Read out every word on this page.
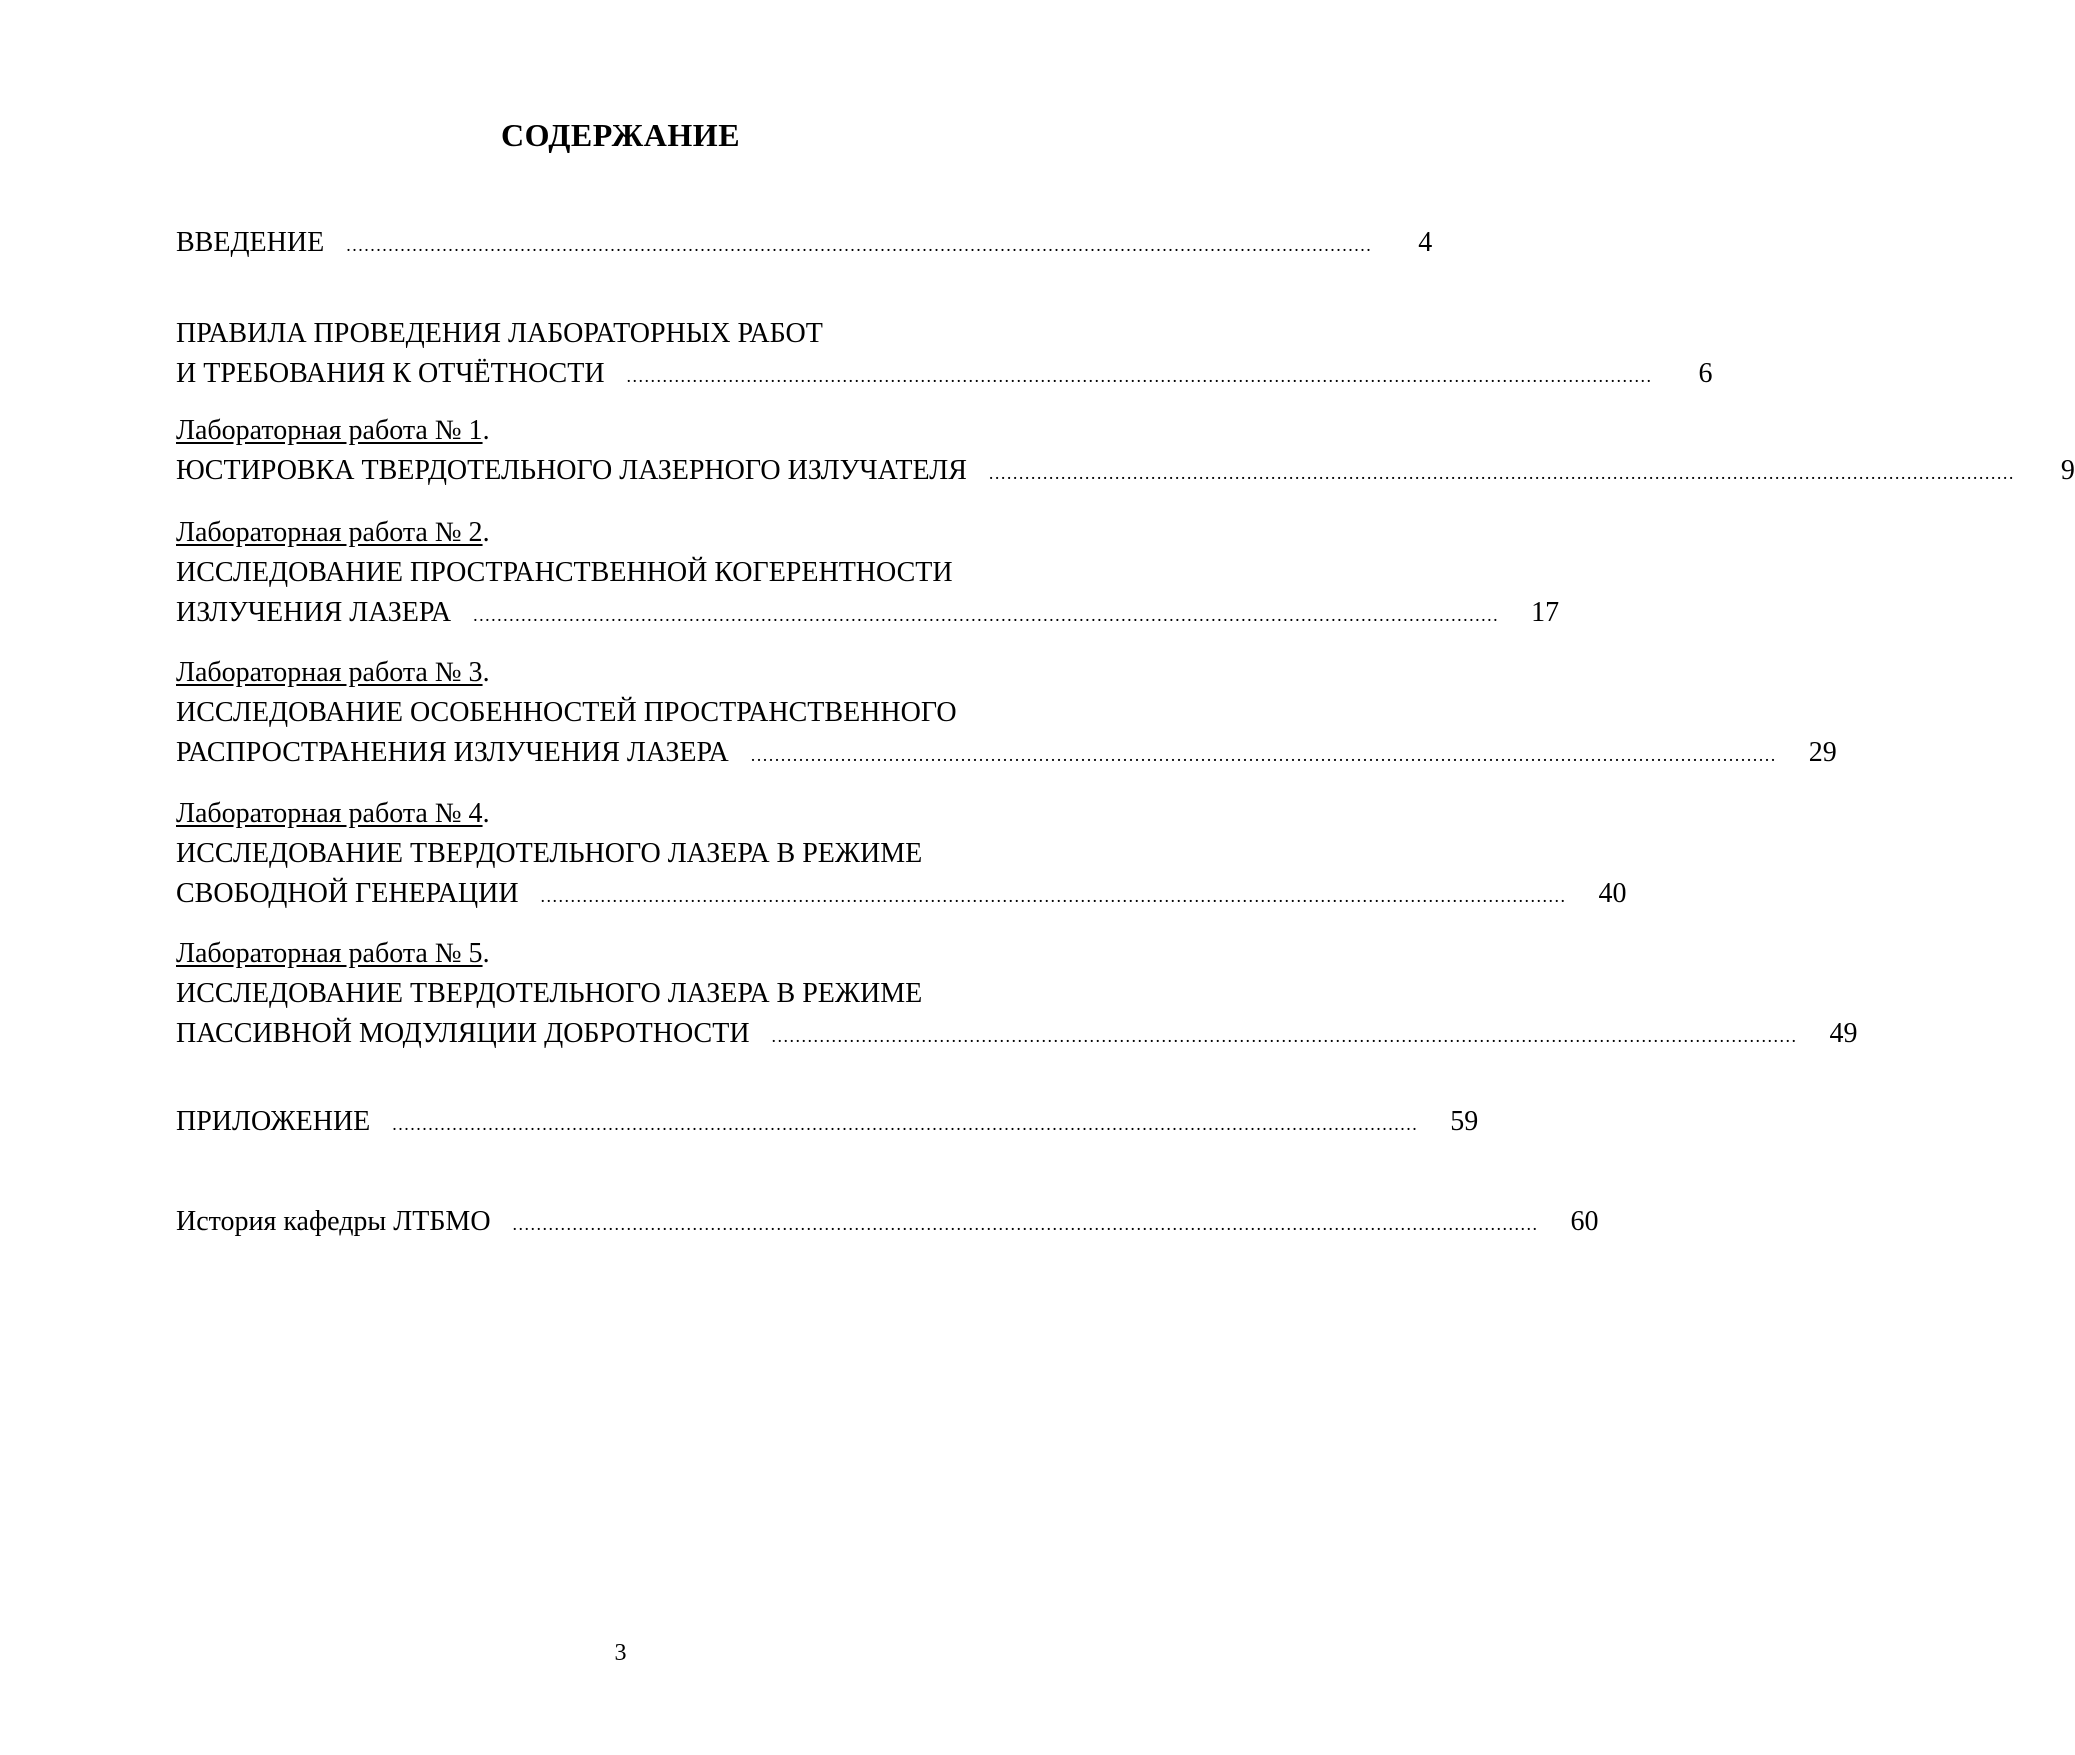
СОДЕРЖАНИЕ
ВВЕДЕНИЕ ...........................................................................................................................................................................	4
ПРАВИЛА ПРОВЕДЕНИЯ ЛАБОРАТОРНЫХ РАБОТ
И ТРЕБОВАНИЯ К ОТЧЁТНОСТИ ...........................................................................................................................................................................	6
Лабораторная работа № 1.
ЮСТИРОВКА ТВЕРДОТЕЛЬНОГО ЛАЗЕРНОГО ИЗЛУЧАТЕЛЯ ...........................................................................................................................................................................	9
Лабораторная работа № 2.
ИССЛЕДОВАНИЕ ПРОСТРАНСТВЕННОЙ КОГЕРЕНТНОСТИ
ИЗЛУЧЕНИЯ ЛАЗЕРА ...........................................................................................................................................................................	17
Лабораторная работа № 3.
ИССЛЕДОВАНИЕ ОСОБЕННОСТЕЙ ПРОСТРАНСТВЕННОГО
РАСПРОСТРАНЕНИЯ ИЗЛУЧЕНИЯ ЛАЗЕРА ...........................................................................................................................................................................	29
Лабораторная работа № 4.
ИССЛЕДОВАНИЕ ТВЕРДОТЕЛЬНОГО ЛАЗЕРА В РЕЖИМЕ
СВОБОДНОЙ ГЕНЕРАЦИИ ...........................................................................................................................................................................	40
Лабораторная работа № 5.
ИССЛЕДОВАНИЕ ТВЕРДОТЕЛЬНОГО ЛАЗЕРА В РЕЖИМЕ
ПАССИВНОЙ МОДУЛЯЦИИ ДОБРОТНОСТИ ...........................................................................................................................................................................	49
ПРИЛОЖЕНИЕ ...........................................................................................................................................................................	59
История кафедры ЛТБМО ...........................................................................................................................................................................	60
3
